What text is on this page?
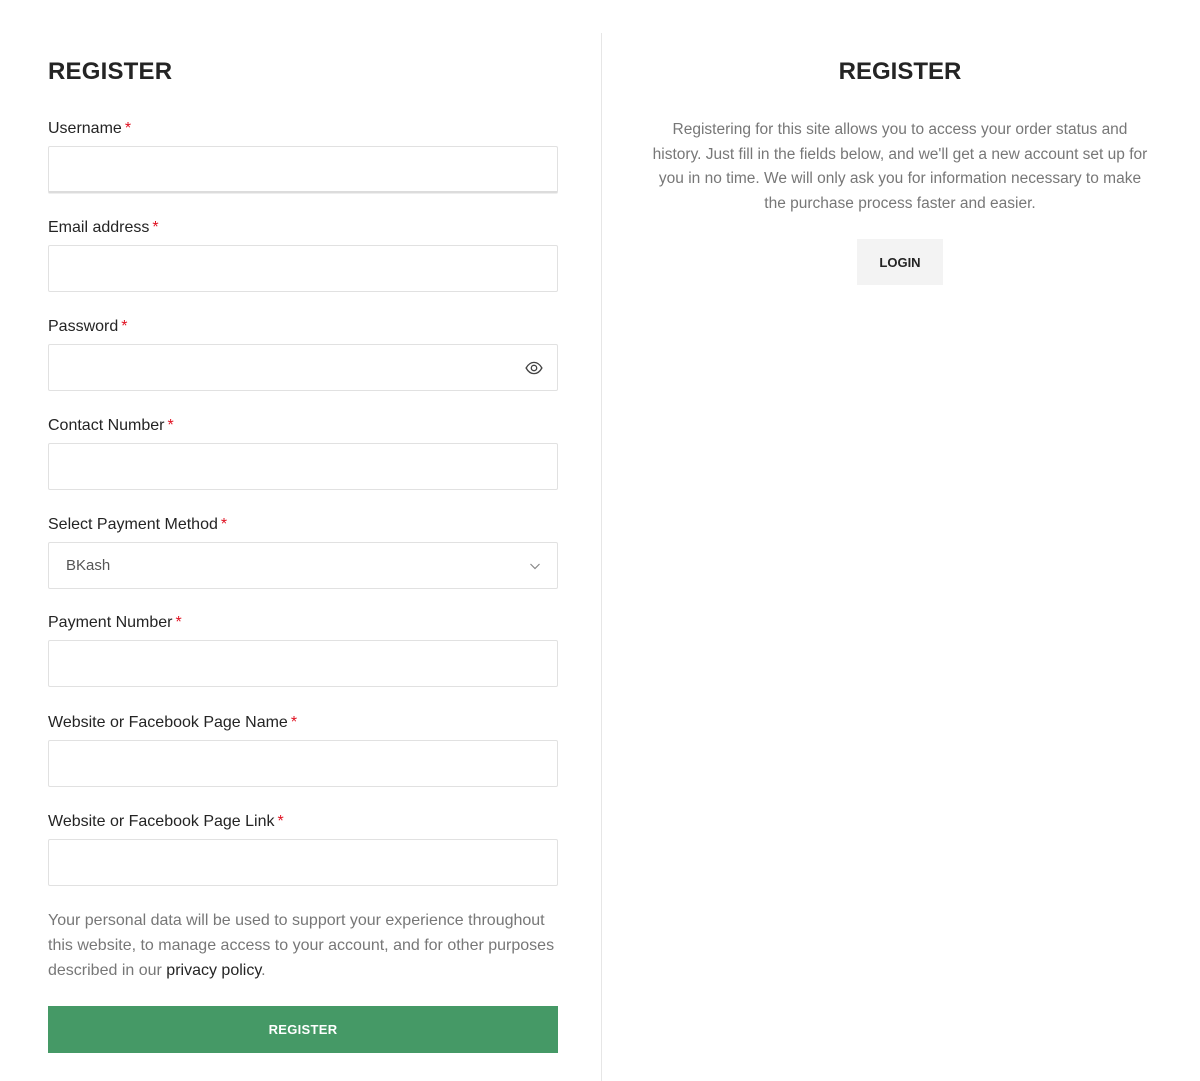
REGISTER
Username *
Email address *
Password *
Contact Number *
Select Payment Method *
BKash
Payment Number *
Website or Facebook Page Name *
Website or Facebook Page Link *

Your personal data will be used to support your experience throughout this website, to manage access to your account, and for other purposes described in our privacy policy.

REGISTER
REGISTER

Registering for this site allows you to access your order status and history. Just fill in the fields below, and we'll get a new account set up for you in no time. We will only ask you for information necessary to make the purchase process faster and easier.

LOGIN
